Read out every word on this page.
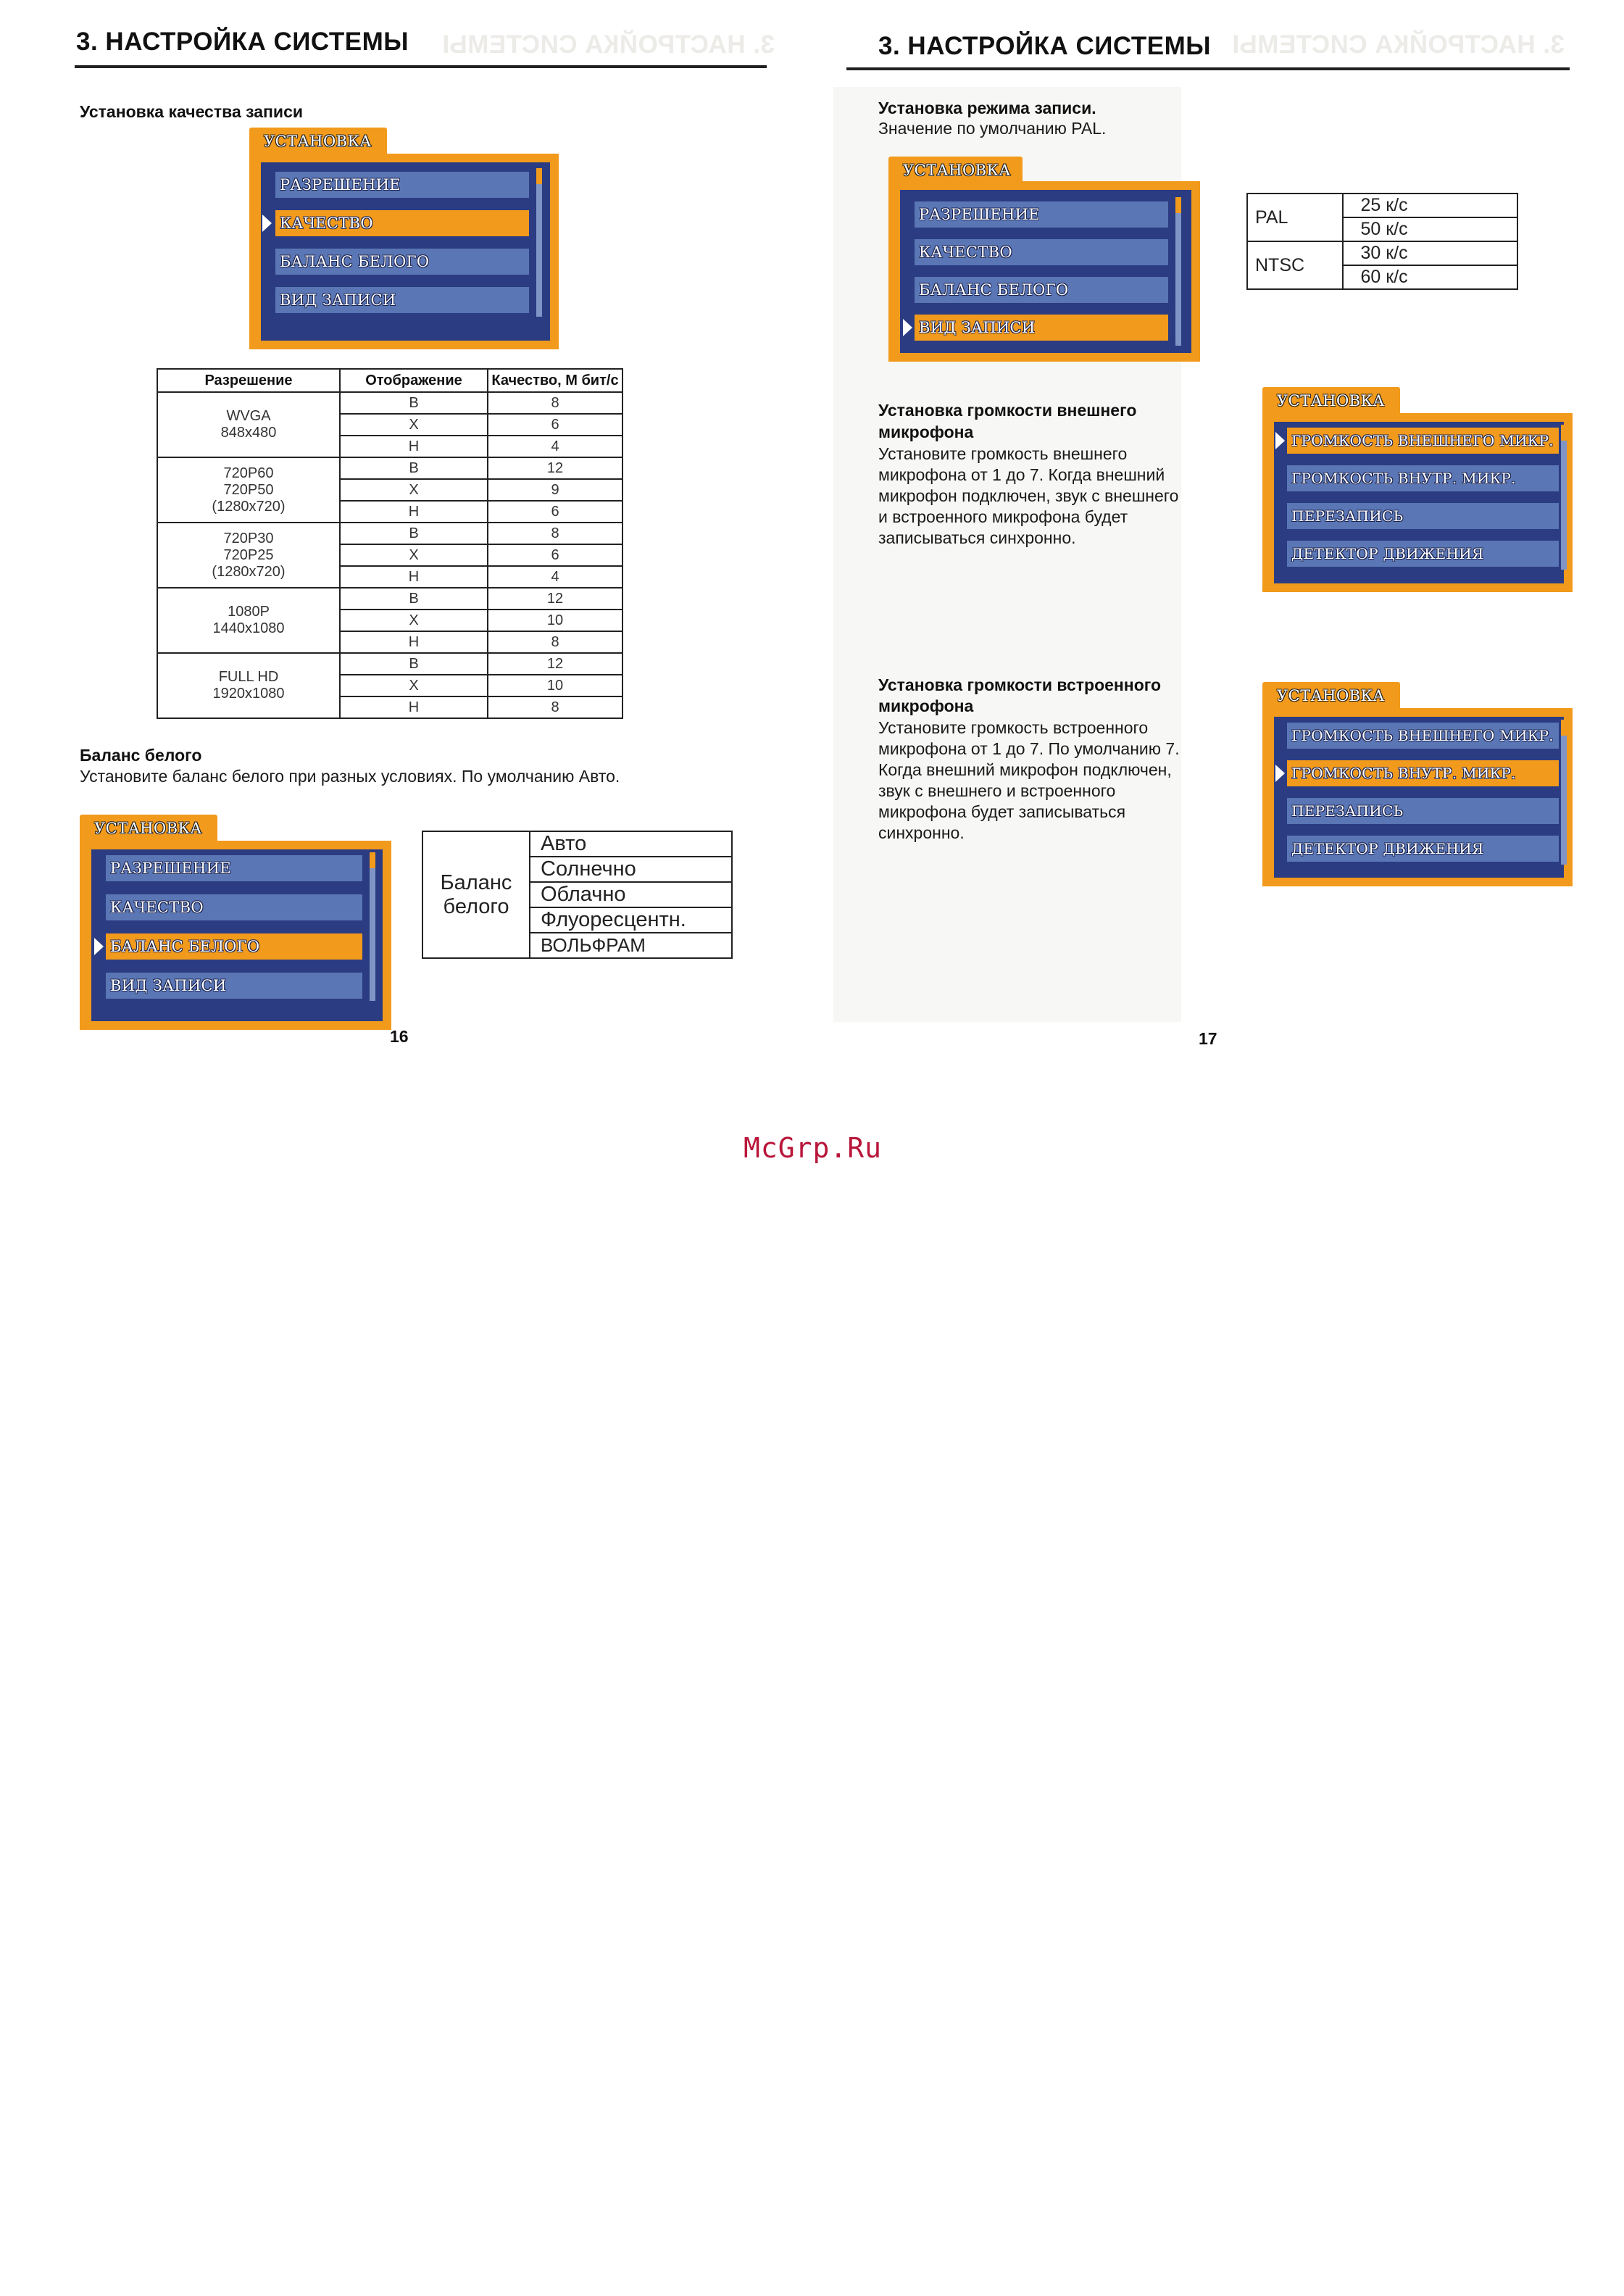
3. НАСТРОЙКА СИСТЕМЫ	3. НАСТРОЙКА СИСТЕМЫ
3. НАСТРОЙКА СИСТЕМЫ
Установка качества записи
УСТАНОВКА
РАЗРЕШЕНИЕ
КАЧЕСТВО
БАЛАНС БЕЛОГО
ВИД ЗАПИСИ
Разрешение	Отображение	Качество, М бит/с

WVGA
848x480	В	8
	Х	6
	Н	4

720P60
720P50
(1280x720)	В	12
	Х	9
	Н	6

720P30
720P25
(1280x720)	В	8
	Х	6
	Н	4

1080P
1440x1080	В	12
	Х	10
	Н	8

FULL HD
1920x1080	В	12
	Х	10
	Н	8
Баланс белого
Установите баланс белого при разных условиях. По умолчанию Авто.
УСТАНОВКА
РАЗРЕШЕНИЕ
КАЧЕСТВО
БАЛАНС БЕЛОГО
ВИД ЗАПИСИ
Баланс
белого
	Авто
Солнечно
Облачно
Флуоресцентн.
ВОЛЬФРАМ
16
3. НАСТРОЙКА СИСТЕМЫ
Установка режима записи.
Значение по умолчанию PAL.
УСТАНОВКА
РАЗРЕШЕНИЕ
КАЧЕСТВО
БАЛАНС БЕЛОГО
ВИД ЗАПИСИ
PAL	25 к/с
	50 к/с
NTSC	30 к/с
	60 к/с
Установка громкости внешнего
микрофона
Установите громкость внешнего
микрофона от 1 до 7. Когда внешний
микрофон подключен, звук с внешнего
и встроенного микрофона будет
записываться синхронно.
УСТАНОВКА
ГРОМКОСТЬ ВНЕШНЕГО МИКР.
ГРОМКОСТЬ ВНУТР. МИКР.
ПЕРЕЗАПИСЬ
ДЕТЕКТОР ДВИЖЕНИЯ
Установка громкости встроенного
микрофона
Установите громкость встроенного
микрофона от 1 до 7. По умолчанию 7.
Когда внешний микрофон подключен,
звук с внешнего и встроенного
микрофона будет записываться
синхронно.
УСТАНОВКА
ГРОМКОСТЬ ВНЕШНЕГО МИКР.
ГРОМКОСТЬ ВНУТР. МИКР.
ПЕРЕЗАПИСЬ
ДЕТЕКТОР ДВИЖЕНИЯ
17
McGrp.Ru
